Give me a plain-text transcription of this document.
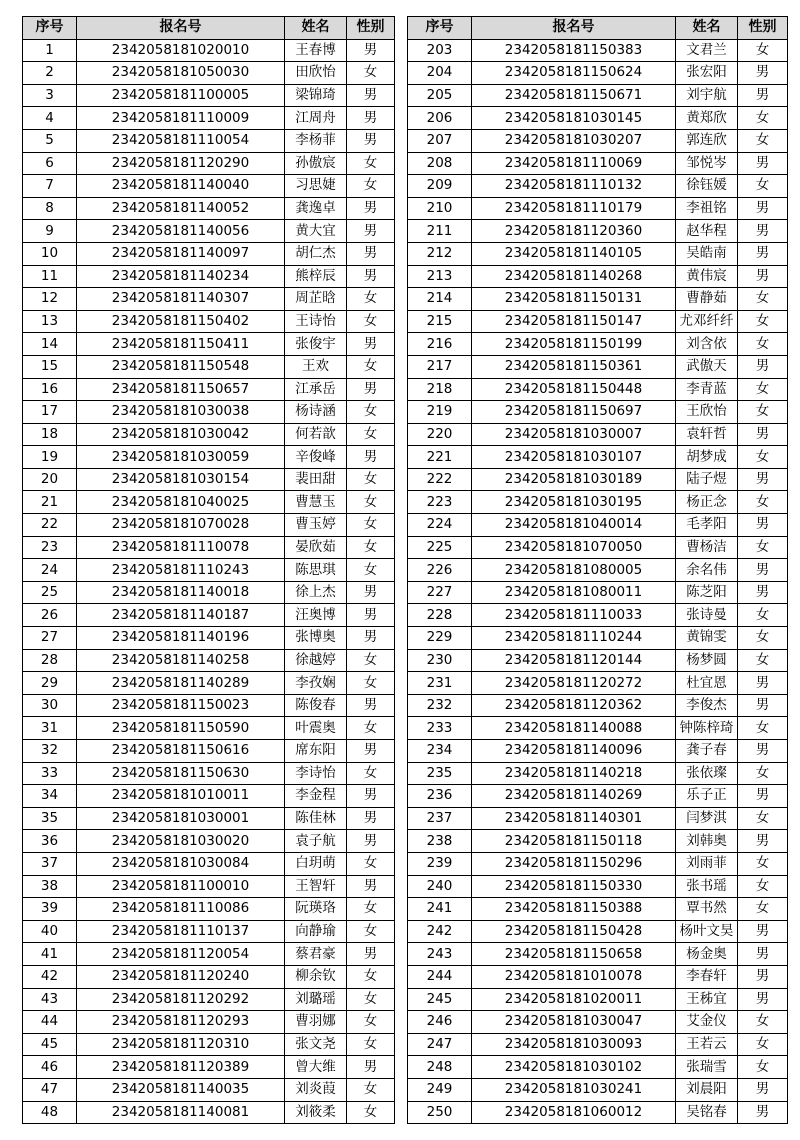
序号	报名号	姓名	性别
1	2342058181020010	王春博	男
2	2342058181050030	田欣怡	女
3	2342058181100005	梁锦琦	男
4	2342058181110009	江周舟	男
5	2342058181110054	李杨菲	男
6	2342058181120290	孙傲宸	女
7	2342058181140040	习思婕	女
8	2342058181140052	龚逸卓	男
9	2342058181140056	黄大宜	男
10	2342058181140097	胡仁杰	男
11	2342058181140234	熊梓辰	男
12	2342058181140307	周芷晗	女
13	2342058181150402	王诗怡	女
14	2342058181150411	张俊宇	男
15	2342058181150548	王欢	女
16	2342058181150657	江承岳	男
17	2342058181030038	杨诗涵	女
18	2342058181030042	何若歆	女
19	2342058181030059	辛俊峰	男
20	2342058181030154	裴田甜	女
21	2342058181040025	曹慧玉	女
22	2342058181070028	曹玉婷	女
23	2342058181110078	晏欣茹	女
24	2342058181110243	陈思琪	女
25	2342058181140018	徐上杰	男
26	2342058181140187	汪奥博	男
27	2342058181140196	张博奥	男
28	2342058181140258	徐越婷	女
29	2342058181140289	李孜娴	女
30	2342058181150023	陈俊春	男
31	2342058181150590	叶震奥	女
32	2342058181150616	席东阳	男
33	2342058181150630	李诗怡	女
34	2342058181010011	李金程	男
35	2342058181030001	陈佳林	男
36	2342058181030020	袁子航	男
37	2342058181030084	白玥萌	女
38	2342058181100010	王智轩	男
39	2342058181110086	阮瑛珞	女
40	2342058181110137	向静瑜	女
41	2342058181120054	蔡君豪	男
42	2342058181120240	柳余钦	女
43	2342058181120292	刘璐瑶	女
44	2342058181120293	曹羽娜	女
45	2342058181120310	张文尧	女
46	2342058181120389	曾大维	男
47	2342058181140035	刘炎葭	女
48	2342058181140081	刘筱柔	女
序号	报名号	姓名	性别
203	2342058181150383	文君兰	女
204	2342058181150624	张宏阳	男
205	2342058181150671	刘宇航	男
206	2342058181030145	黄郑欣	女
207	2342058181030207	郭连欣	女
208	2342058181110069	邹悦岑	男
209	2342058181110132	徐钰媛	女
210	2342058181110179	李祖铭	男
211	2342058181120360	赵华程	男
212	2342058181140105	吴皓南	男
213	2342058181140268	黄伟宸	男
214	2342058181150131	曹静茹	女
215	2342058181150147	尤邓纤纤	女
216	2342058181150199	刘含依	女
217	2342058181150361	武傲天	男
218	2342058181150448	李青蓝	女
219	2342058181150697	王欣怡	女
220	2342058181030007	袁轩哲	男
221	2342058181030107	胡梦成	女
222	2342058181030189	陆子煜	男
223	2342058181030195	杨正念	女
224	2342058181040014	毛孝阳	男
225	2342058181070050	曹杨洁	女
226	2342058181080005	余名伟	男
227	2342058181080011	陈芝阳	男
228	2342058181110033	张诗曼	女
229	2342058181110244	黄锦雯	女
230	2342058181120144	杨梦圆	女
231	2342058181120272	杜宜恩	男
232	2342058181120362	李俊杰	男
233	2342058181140088	钟陈梓琦	女
234	2342058181140096	龚子春	男
235	2342058181140218	张依璨	女
236	2342058181140269	乐子正	男
237	2342058181140301	闫梦淇	女
238	2342058181150118	刘韩奥	男
239	2342058181150296	刘雨菲	女
240	2342058181150330	张书瑶	女
241	2342058181150388	覃书然	女
242	2342058181150428	杨叶文昊	男
243	2342058181150658	杨金奥	男
244	2342058181010078	李春轩	男
245	2342058181020011	王秭宜	男
246	2342058181030047	艾金仪	女
247	2342058181030093	王若云	女
248	2342058181030102	张瑞雪	女
249	2342058181030241	刘晨阳	男
250	2342058181060012	吴铭春	男
